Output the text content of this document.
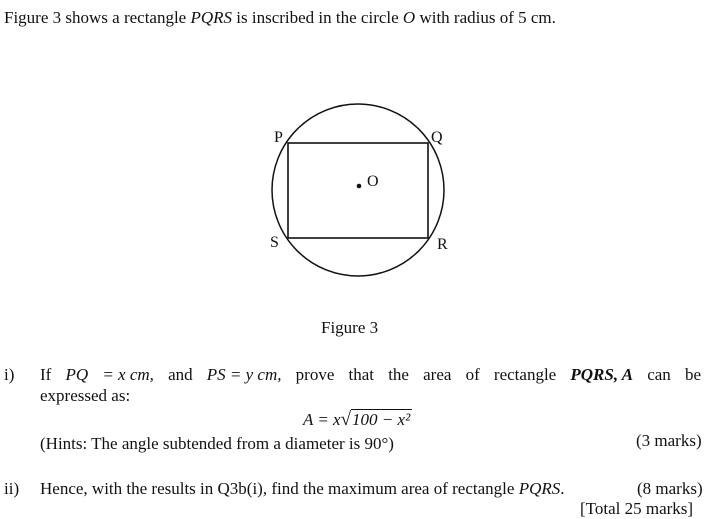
Figure 3 shows a rectangle PQRS is inscribed in the circle O with radius of 5 cm.
P	Q
R
S
O
Figure 3
i) If PQ = x cm, and PS = y cm, prove that the area of rectangle PQRS, A can be
expressed as:
A = x√100 − x²
(Hints: The angle subtended from a diameter is 90°)	(3 marks)
ii) Hence, with the results in Q3b(i), find the maximum area of rectangle PQRS.	(8 marks)
[Total 25 marks]
